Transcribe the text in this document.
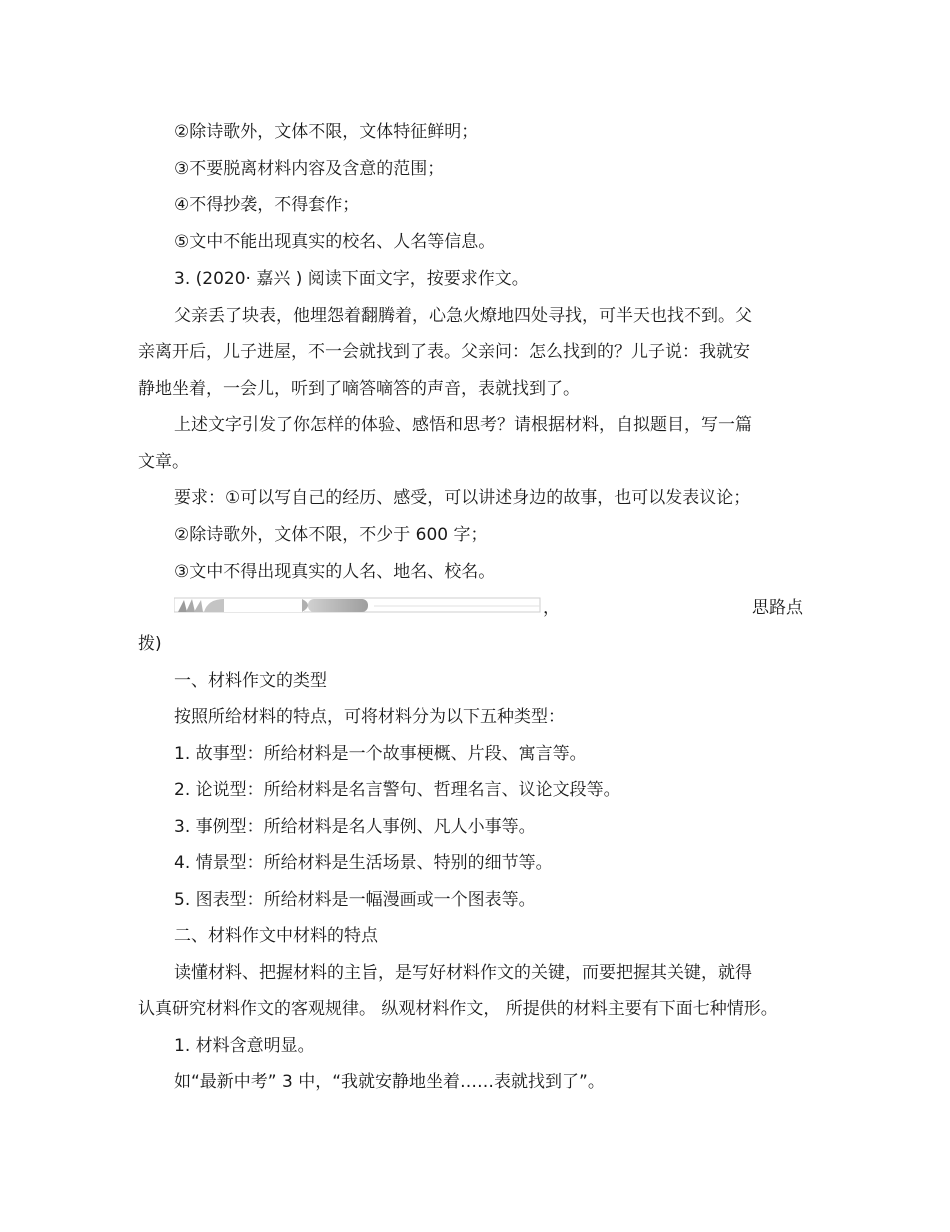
②除诗歌外，文体不限，文体特征鲜明；
③不要脱离材料内容及含意的范围；
④不得抄袭，不得套作；
⑤文中不能出现真实的校名、人名等信息。
3. (2020· 嘉兴 ) 阅读下面文字，按要求作文。
父亲丢了块表，他埋怨着翻腾着，心急火燎地四处寻找，可半天也找不到。父
亲离开后，儿子进屋，不一会就找到了表。父亲问：怎么找到的？儿子说：我就安
静地坐着，一会儿，听到了嘀答嘀答的声音，表就找到了。
上述文字引发了你怎样的体验、感悟和思考？请根据材料，自拟题目，写一篇
文章。
要求：①可以写自己的经历、感受，可以讲述身边的故事，也可以发表议论；
②除诗歌外，文体不限，不少于 600 字；
③文中不得出现真实的人名、地名、校名。
，	思路点
拨)
一、材料作文的类型
按照所给材料的特点，可将材料分为以下五种类型：
1. 故事型：所给材料是一个故事梗概、片段、寓言等。
2. 论说型：所给材料是名言警句、哲理名言、议论文段等。
3. 事例型：所给材料是名人事例、凡人小事等。
4. 情景型：所给材料是生活场景、特别的细节等。
5. 图表型：所给材料是一幅漫画或一个图表等。
二、材料作文中材料的特点
读懂材料、把握材料的主旨，是写好材料作文的关键，而要把握其关键，就得
认真研究材料作文的客观规律。 纵观材料作文， 所提供的材料主要有下面七种情形。
1. 材料含意明显。
如“最新中考” 3 中，“我就安静地坐着……表就找到了”。
